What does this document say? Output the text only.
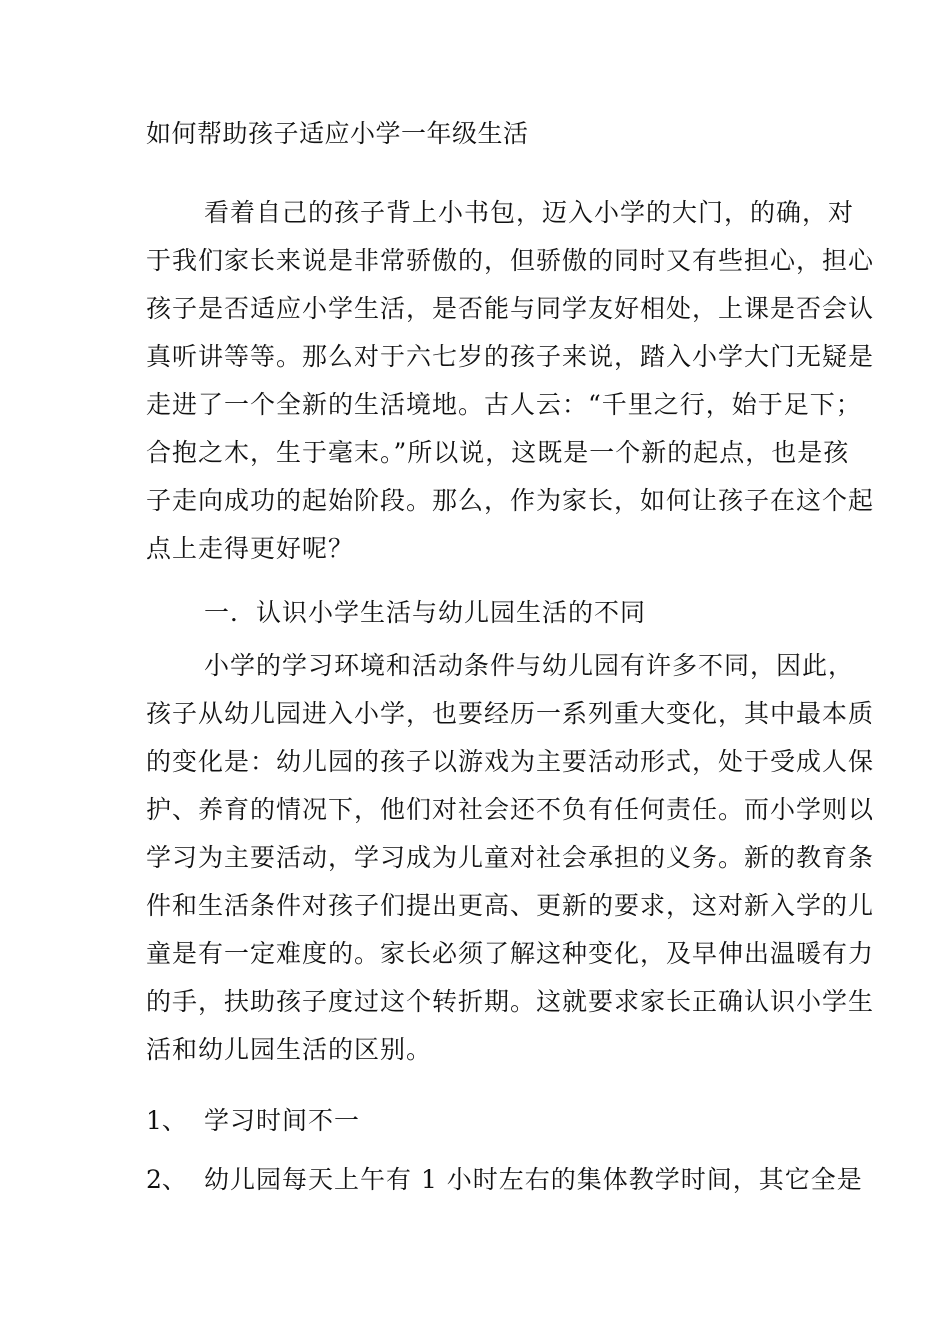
如何帮助孩子适应小学一年级生活
看着自己的孩子背上小书包，迈入小学的大门，的确，对
于我们家长来说是非常骄傲的，但骄傲的同时又有些担心，担心
孩子是否适应小学生活，是否能与同学友好相处，上课是否会认
真听讲等等。那么对于六七岁的孩子来说，踏入小学大门无疑是
走进了一个全新的生活境地。古人云：“千里之行，始于足下；
合抱之木，生于毫末。”所以说，这既是一个新的起点，也是孩
子走向成功的起始阶段。那么，作为家长，如何让孩子在这个起
点上走得更好呢？
一．认识小学生活与幼儿园生活的不同
小学的学习环境和活动条件与幼儿园有许多不同，因此，
孩子从幼儿园进入小学，也要经历一系列重大变化，其中最本质
的变化是：幼儿园的孩子以游戏为主要活动形式，处于受成人保
护、养育的情况下，他们对社会还不负有任何责任。而小学则以
学习为主要活动，学习成为儿童对社会承担的义务。新的教育条
件和生活条件对孩子们提出更高、更新的要求，这对新入学的儿
童是有一定难度的。家长必须了解这种变化，及早伸出温暖有力
的手，扶助孩子度过这个转折期。这就要求家长正确认识小学生
活和幼儿园生活的区别。
1、 学习时间不一
2、 幼儿园每天上午有 1 小时左右的集体教学时间，其它全是
